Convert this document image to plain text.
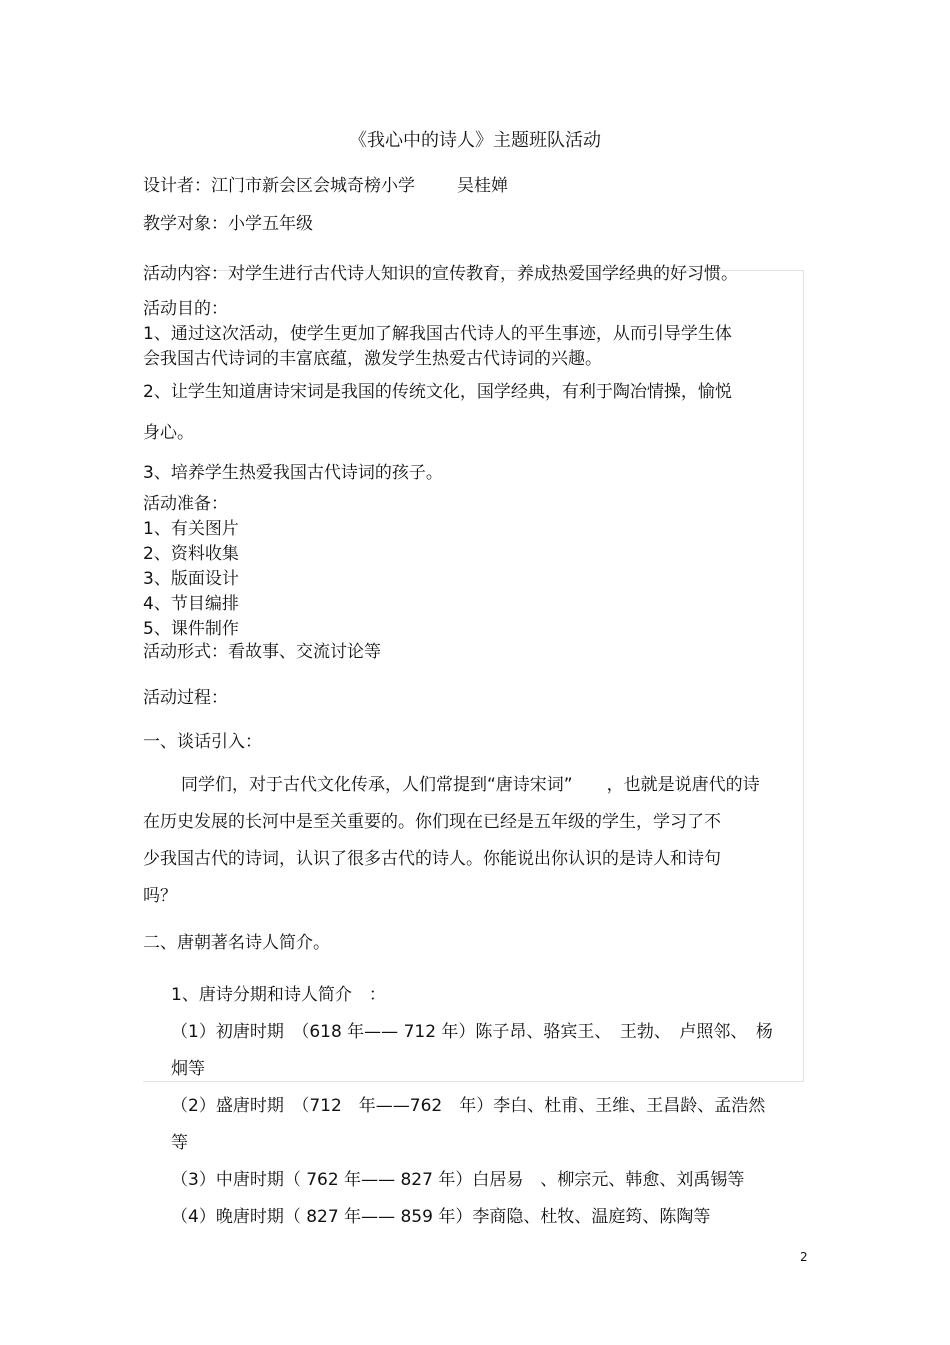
《我心中的诗人》主题班队活动
设计者：江门市新会区会城奇榜小学 吴桂婵
教学对象：小学五年级
活动内容：对学生进行古代诗人知识的宣传教育，养成热爱国学经典的好习惯。
活动目的：
1、通过这次活动，使学生更加了解我国古代诗人的平生事迹，从而引导学生体
会我国古代诗词的丰富底蕴，激发学生热爱古代诗词的兴趣。
2、让学生知道唐诗宋词是我国的传统文化，国学经典，有利于陶冶情操，愉悦
身心。
3、培养学生热爱我国古代诗词的孩子。
活动准备：
1、有关图片
2、资料收集
3、版面设计
4、节目编排
5、课件制作
活动形式：看故事、交流讨论等
活动过程：
一、谈话引入：
同学们，对于古代文化传承，人们常提到“唐诗宋词”　　，也就是说唐代的诗
在历史发展的长河中是至关重要的。你们现在已经是五年级的学生，学习了不
少我国古代的诗词，认识了很多古代的诗人。你能说出你认识的是诗人和诗句
吗？
二、唐朝著名诗人简介。
1、唐诗分期和诗人简介　：
（1）初唐时期　（618 年—— 712 年）陈子昂、骆宾王、　王勃、　卢照邻、　杨
炯等
（2）盛唐时期　（712　年——762　年）李白、杜甫、王维、王昌龄、孟浩然
等
（3）中唐时期（ 762 年—— 827 年）白居易　、柳宗元、韩愈、刘禹锡等
（4）晚唐时期（ 827 年—— 859 年）李商隐、杜牧、温庭筠、陈陶等
2
